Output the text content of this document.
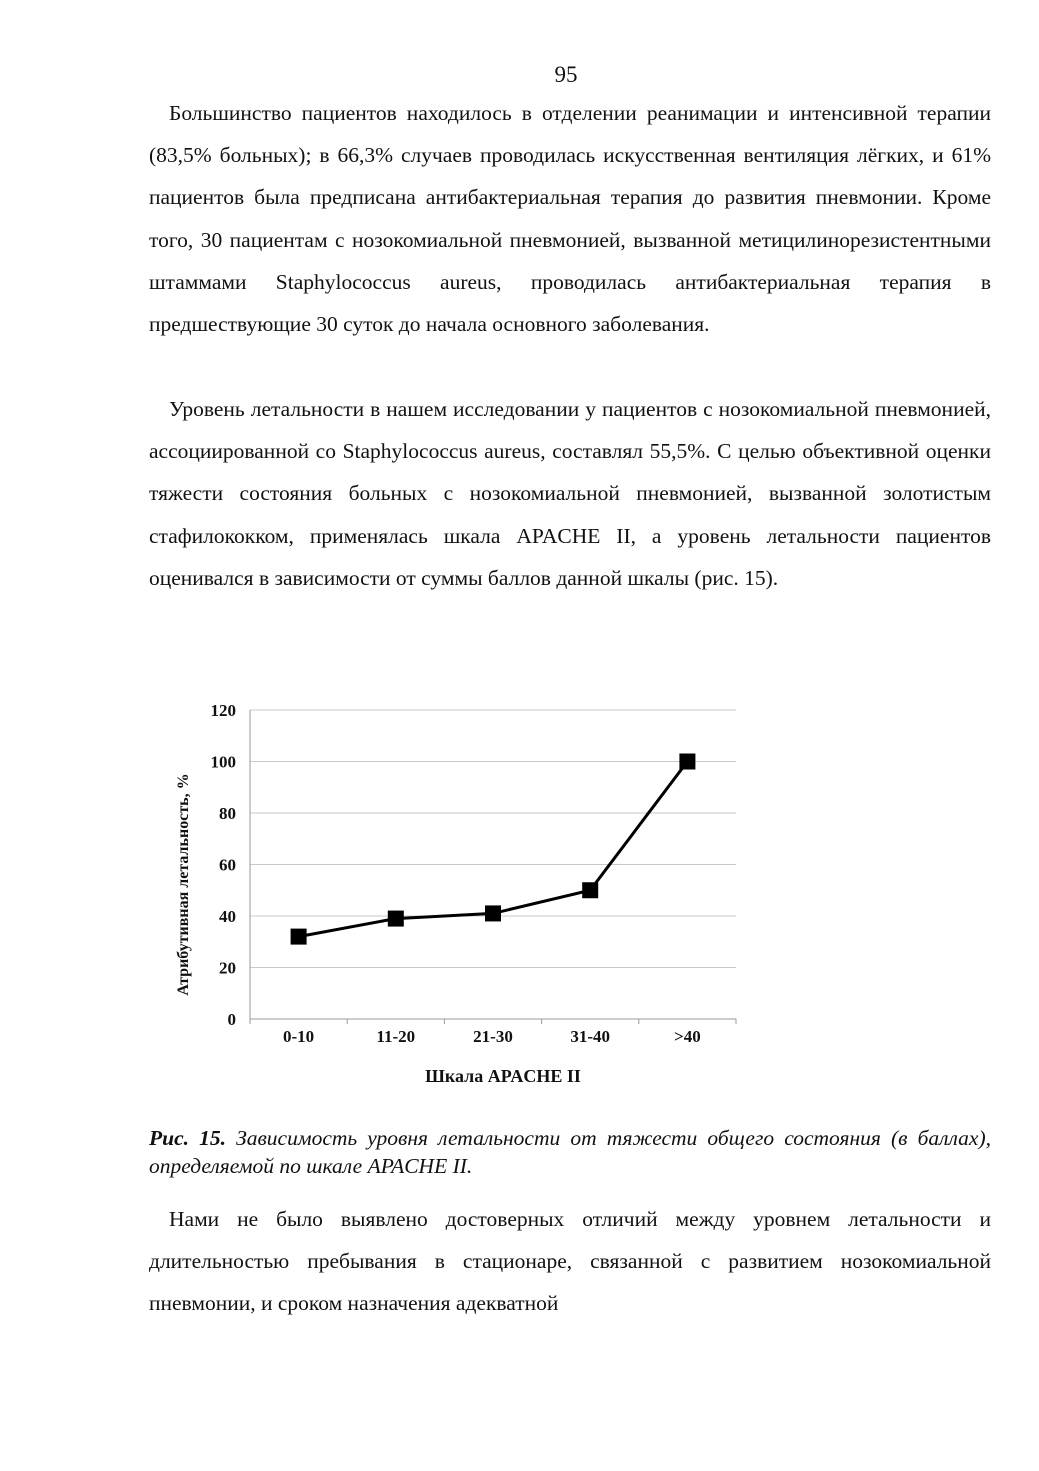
95

Большинство пациентов находилось в отделении реанимации и интенсивной терапии (83,5% больных); в 66,3% случаев проводилась искусственная вентиляция лёгких, и 61% пациентов была предписана антибактериальная терапия до развития пневмонии. Кроме того, 30 пациентам с нозокомиальной пневмонией, вызванной метицилинорезистентными штаммами Staphylococcus aureus, проводилась антибактериальная терапия в предшествующие 30 суток до начала основного заболевания.

Уровень летальности в нашем исследовании у пациентов с нозокомиальной пневмонией, ассоциированной со Staphylococcus aureus, составлял 55,5%. С целью объективной оценки тяжести состояния больных с нозокомиальной пневмонией, вызванной золотистым стафилококком, применялась шкала APACHE II, а уровень летальности пациентов оценивался в зависимости от суммы баллов данной шкалы (рис. 15).

0
20
40
60
80
100
120
0-10	11-20	21-30	31-40	>40
Атрибутивная летальность, %
Шкала APACHE II

Рис. 15. Зависимость уровня летальности от тяжести общего состояния (в баллах), определяемой по шкале APACHE II.

Нами не было выявлено достоверных отличий между уровнем летальности и длительностью пребывания в стационаре, связанной с развитием нозокомиальной пневмонии, и сроком назначения адекватной
